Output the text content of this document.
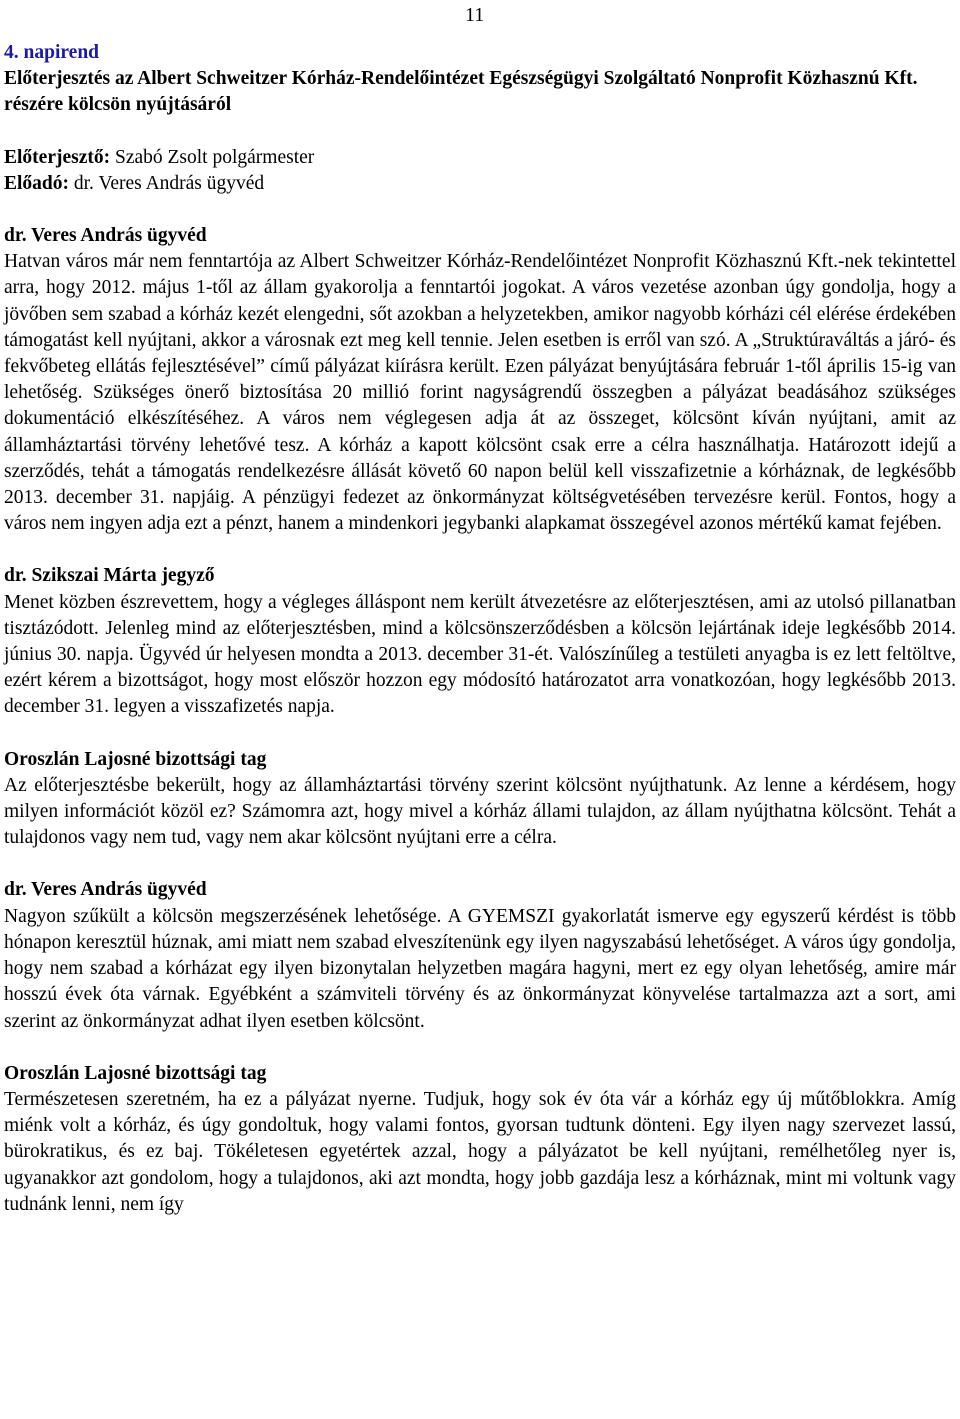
11
4. napirend
Előterjesztés az Albert Schweitzer Kórház-Rendelőintézet Egészségügyi Szolgáltató Nonprofit Közhasznú Kft. részére kölcsön nyújtásáról
Előterjesztő: Szabó Zsolt polgármester
Előadó: dr. Veres András ügyvéd
dr. Veres András ügyvéd

Hatvan város már nem fenntartója az Albert Schweitzer Kórház-Rendelőintézet Nonprofit Közhasznú Kft.-nek tekintettel arra, hogy 2012. május 1-től az állam gyakorolja a fenntartói jogokat. A város vezetése azonban úgy gondolja, hogy a jövőben sem szabad a kórház kezét elengedni, sőt azokban a helyzetekben, amikor nagyobb kórházi cél elérése érdekében támogatást kell nyújtani, akkor a városnak ezt meg kell tennie. Jelen esetben is erről van szó. A „Struktúraváltás a járó- és fekvőbeteg ellátás fejlesztésével” című pályázat kiírásra került. Ezen pályázat benyújtására február 1-től április 15-ig van lehetőség. Szükséges önerő biztosítása 20 millió forint nagyságrendű összegben a pályázat beadásához szükséges dokumentáció elkészítéséhez. A város nem véglegesen adja át az összeget, kölcsönt kíván nyújtani, amit az államháztartási törvény lehetővé tesz. A kórház a kapott kölcsönt csak erre a célra használhatja. Határozott idejű a szerződés, tehát a támogatás rendelkezésre állását követő 60 napon belül kell visszafizetnie a kórháznak, de legkésőbb 2013. december 31. napjáig. A pénzügyi fedezet az önkormányzat költségvetésében tervezésre kerül. Fontos, hogy a város nem ingyen adja ezt a pénzt, hanem a mindenkori jegybanki alapkamat összegével azonos mértékű kamat fejében.

dr. Szikszai Márta jegyző

Menet közben észrevettem, hogy a végleges álláspont nem került átvezetésre az előterjesztésen, ami az utolsó pillanatban tisztázódott. Jelenleg mind az előterjesztésben, mind a kölcsönszerződésben a kölcsön lejártának ideje legkésőbb 2014. június 30. napja. Ügyvéd úr helyesen mondta a 2013. december 31-ét. Valószínűleg a testületi anyagba is ez lett feltöltve, ezért kérem a bizottságot, hogy most először hozzon egy módosító határozatot arra vonatkozóan, hogy legkésőbb 2013. december 31. legyen a visszafizetés napja.

Oroszlán Lajosné bizottsági tag

Az előterjesztésbe bekerült, hogy az államháztartási törvény szerint kölcsönt nyújthatunk. Az lenne a kérdésem, hogy milyen információt közöl ez? Számomra azt, hogy mivel a kórház állami tulajdon, az állam nyújthatna kölcsönt. Tehát a tulajdonos vagy nem tud, vagy nem akar kölcsönt nyújtani erre a célra.

dr. Veres András ügyvéd

Nagyon szűkült a kölcsön megszerzésének lehetősége. A GYEMSZI gyakorlatát ismerve egy egyszerű kérdést is több hónapon keresztül húznak, ami miatt nem szabad elveszítenünk egy ilyen nagyszabású lehetőséget. A város úgy gondolja, hogy nem szabad a kórházat egy ilyen bizonytalan helyzetben magára hagyni, mert ez egy olyan lehetőség, amire már hosszú évek óta várnak. Egyébként a számviteli törvény és az önkormányzat könyvelése tartalmazza azt a sort, ami szerint az önkormányzat adhat ilyen esetben kölcsönt.

Oroszlán Lajosné bizottsági tag

Természetesen szeretném, ha ez a pályázat nyerne. Tudjuk, hogy sok év óta vár a kórház egy új műtőblokkra. Amíg miénk volt a kórház, és úgy gondoltuk, hogy valami fontos, gyorsan tudtunk dönteni. Egy ilyen nagy szervezet lassú, bürokratikus, és ez baj. Tökéletesen egyetértek azzal, hogy a pályázatot be kell nyújtani, remélhetőleg nyer is, ugyanakkor azt gondolom, hogy a tulajdonos, aki azt mondta, hogy jobb gazdája lesz a kórháznak, mint mi voltunk vagy tudnánk lenni, nem így
